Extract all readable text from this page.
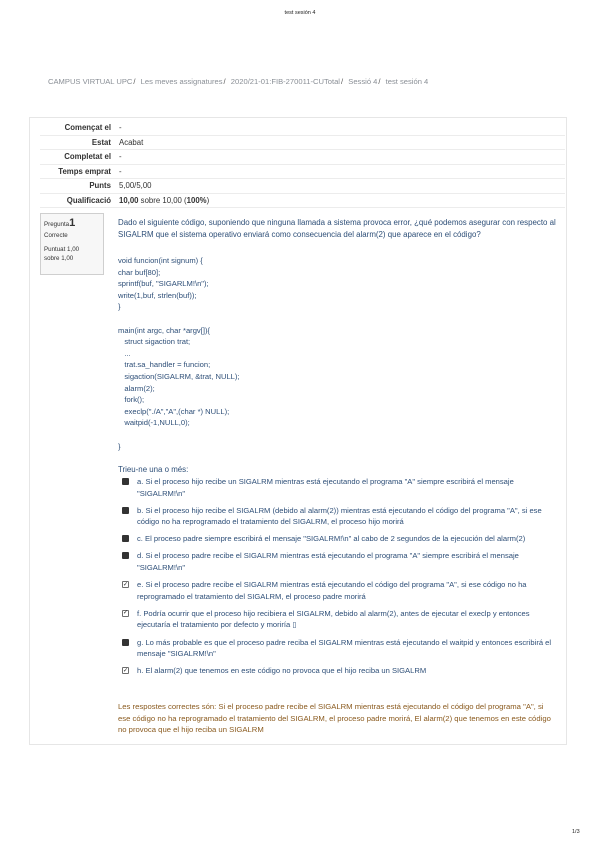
test sesión 4
CAMPUS VIRTUAL UPC/ Les meves assignatures/ 2020/21-01:FIB-270011-CUTotal/ Sessió 4/ test sesión 4
Començat el	-
Estat	Acabat
Completat el	-
Temps emprat	-
Punts	5,00/5,00
Qualificació	10,00 sobre 10,00 (100%)
Pregunta1
Correcte
Puntuat 1,00
sobre 1,00
Dado el siguiente código, suponiendo que ninguna llamada a sistema provoca error, ¿qué podemos asegurar con respecto al SIGALRM que el sistema operativo enviará como consecuencia del alarm(2) que aparece en el código?
void funcion(int signum) {
char buf[80];
sprintf(buf, "SIGARLM!\n");
write(1,buf, strlen(buf));
}

main(int argc, char *argv[]){
struct sigaction trat;
...
trat.sa_handler = funcion;
sigaction(SIGALRM, &trat, NULL);
alarm(2);
fork();
execlp("./A","A",(char *) NULL);
waitpid(-1,NULL,0);

}
Trieu-ne una o més:
a. Si el proceso hijo recibe un SIGALRM mientras está ejecutando el programa "A" siempre escribirá el mensaje "SIGALRM!\n"
b. Si el proceso hijo recibe el SIGALRM (debido al alarm(2)) mientras está ejecutando el código del programa "A", si ese código no ha reprogramado el tratamiento del SIGALRM, el proceso hijo morirá
c. El proceso padre siempre escribirá el mensaje "SIGALRM!\n" al cabo de 2 segundos de la ejecución del alarm(2)
d. Si el proceso padre recibe el SIGALRM mientras está ejecutando el programa "A" siempre escribirá el mensaje "SIGALRM!\n"
✓ e. Si el proceso padre recibe el SIGALRM mientras está ejecutando el código del programa "A", si ese código no ha reprogramado el tratamiento del SIGALRM, el proceso padre morirá
✓ f. Podría ocurrir que el proceso hijo recibiera el SIGALRM, debido al alarm(2), antes de ejecutar el execlp y entonces ejecutaría el tratamiento por defecto y moriría ▯
g. Lo más probable es que el proceso padre reciba el SIGALRM mientras está ejecutando el waitpid y entonces escribirá el mensaje "SIGALRM!\n"
✓ h. El alarm(2) que tenemos en este código no provoca que el hijo reciba un SIGALRM
Les respostes correctes són: Si el proceso padre recibe el SIGALRM mientras está ejecutando el código del programa "A", si ese código no ha reprogramado el tratamiento del SIGALRM, el proceso padre morirá, El alarm(2) que tenemos en este código no provoca que el hijo reciba un SIGALRM
1/3
